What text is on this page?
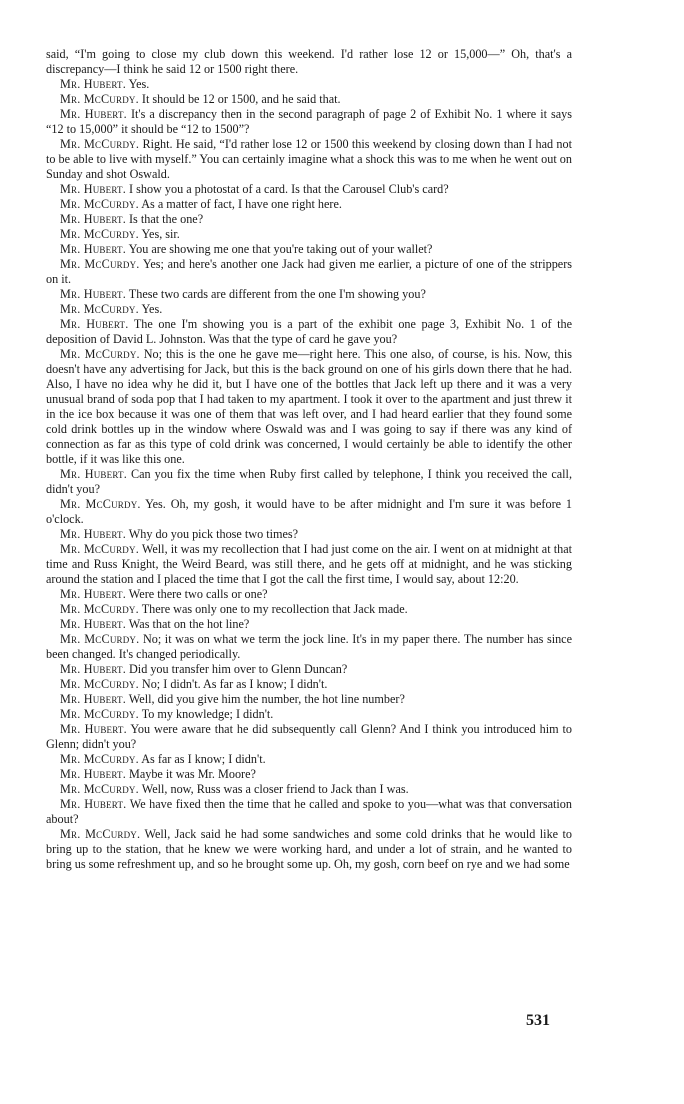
said, “I'm going to close my club down this weekend. I'd rather lose 12 or 15,000—” Oh, that's a discrepancy—I think he said 12 or 1500 right there.

Mr. Hubert. Yes.

Mr. McCurdy. It should be 12 or 1500, and he said that.

Mr. Hubert. It's a discrepancy then in the second paragraph of page 2 of Exhibit No. 1 where it says “12 to 15,000” it should be “12 to 1500”?

Mr. McCurdy. Right. He said, “I'd rather lose 12 or 1500 this weekend by closing down than I had not to be able to live with myself.” You can certainly imagine what a shock this was to me when he went out on Sunday and shot Oswald.

Mr. Hubert. I show you a photostat of a card. Is that the Carousel Club's card?

Mr. McCurdy. As a matter of fact, I have one right here.

Mr. Hubert. Is that the one?

Mr. McCurdy. Yes, sir.

Mr. Hubert. You are showing me one that you're taking out of your wallet?

Mr. McCurdy. Yes; and here's another one Jack had given me earlier, a picture of one of the strippers on it.

Mr. Hubert. These two cards are different from the one I'm showing you?

Mr. McCurdy. Yes.

Mr. Hubert. The one I'm showing you is a part of the exhibit one page 3, Exhibit No. 1 of the deposition of David L. Johnston. Was that the type of card he gave you?

Mr. McCurdy. No; this is the one he gave me—right here. This one also, of course, is his. Now, this doesn't have any advertising for Jack, but this is the back ground on one of his girls down there that he had. Also, I have no idea why he did it, but I have one of the bottles that Jack left up there and it was a very unusual brand of soda pop that I had taken to my apartment. I took it over to the apartment and just threw it in the ice box because it was one of them that was left over, and I had heard earlier that they found some cold drink bottles up in the window where Oswald was and I was going to say if there was any kind of connection as far as this type of cold drink was concerned, I would certainly be able to identify the other bottle, if it was like this one.

Mr. Hubert. Can you fix the time when Ruby first called by telephone, I think you received the call, didn't you?

Mr. McCurdy. Yes. Oh, my gosh, it would have to be after midnight and I'm sure it was before 1 o'clock.

Mr. Hubert. Why do you pick those two times?

Mr. McCurdy. Well, it was my recollection that I had just come on the air. I went on at midnight at that time and Russ Knight, the Weird Beard, was still there, and he gets off at midnight, and he was sticking around the station and I placed the time that I got the call the first time, I would say, about 12:20.

Mr. Hubert. Were there two calls or one?

Mr. McCurdy. There was only one to my recollection that Jack made.

Mr. Hubert. Was that on the hot line?

Mr. McCurdy. No; it was on what we term the jock line. It's in my paper there. The number has since been changed. It's changed periodically.

Mr. Hubert. Did you transfer him over to Glenn Duncan?

Mr. McCurdy. No; I didn't. As far as I know; I didn't.

Mr. Hubert. Well, did you give him the number, the hot line number?

Mr. McCurdy. To my knowledge; I didn't.

Mr. Hubert. You were aware that he did subsequently call Glenn? And I think you introduced him to Glenn; didn't you?

Mr. McCurdy. As far as I know; I didn't.

Mr. Hubert. Maybe it was Mr. Moore?

Mr. McCurdy. Well, now, Russ was a closer friend to Jack than I was.

Mr. Hubert. We have fixed then the time that he called and spoke to you—what was that conversation about?

Mr. McCurdy. Well, Jack said he had some sandwiches and some cold drinks that he would like to bring up to the station, that he knew we were working hard, and under a lot of strain, and he wanted to bring us some refreshment up, and so he brought some up. Oh, my gosh, corn beef on rye and we had some

531
